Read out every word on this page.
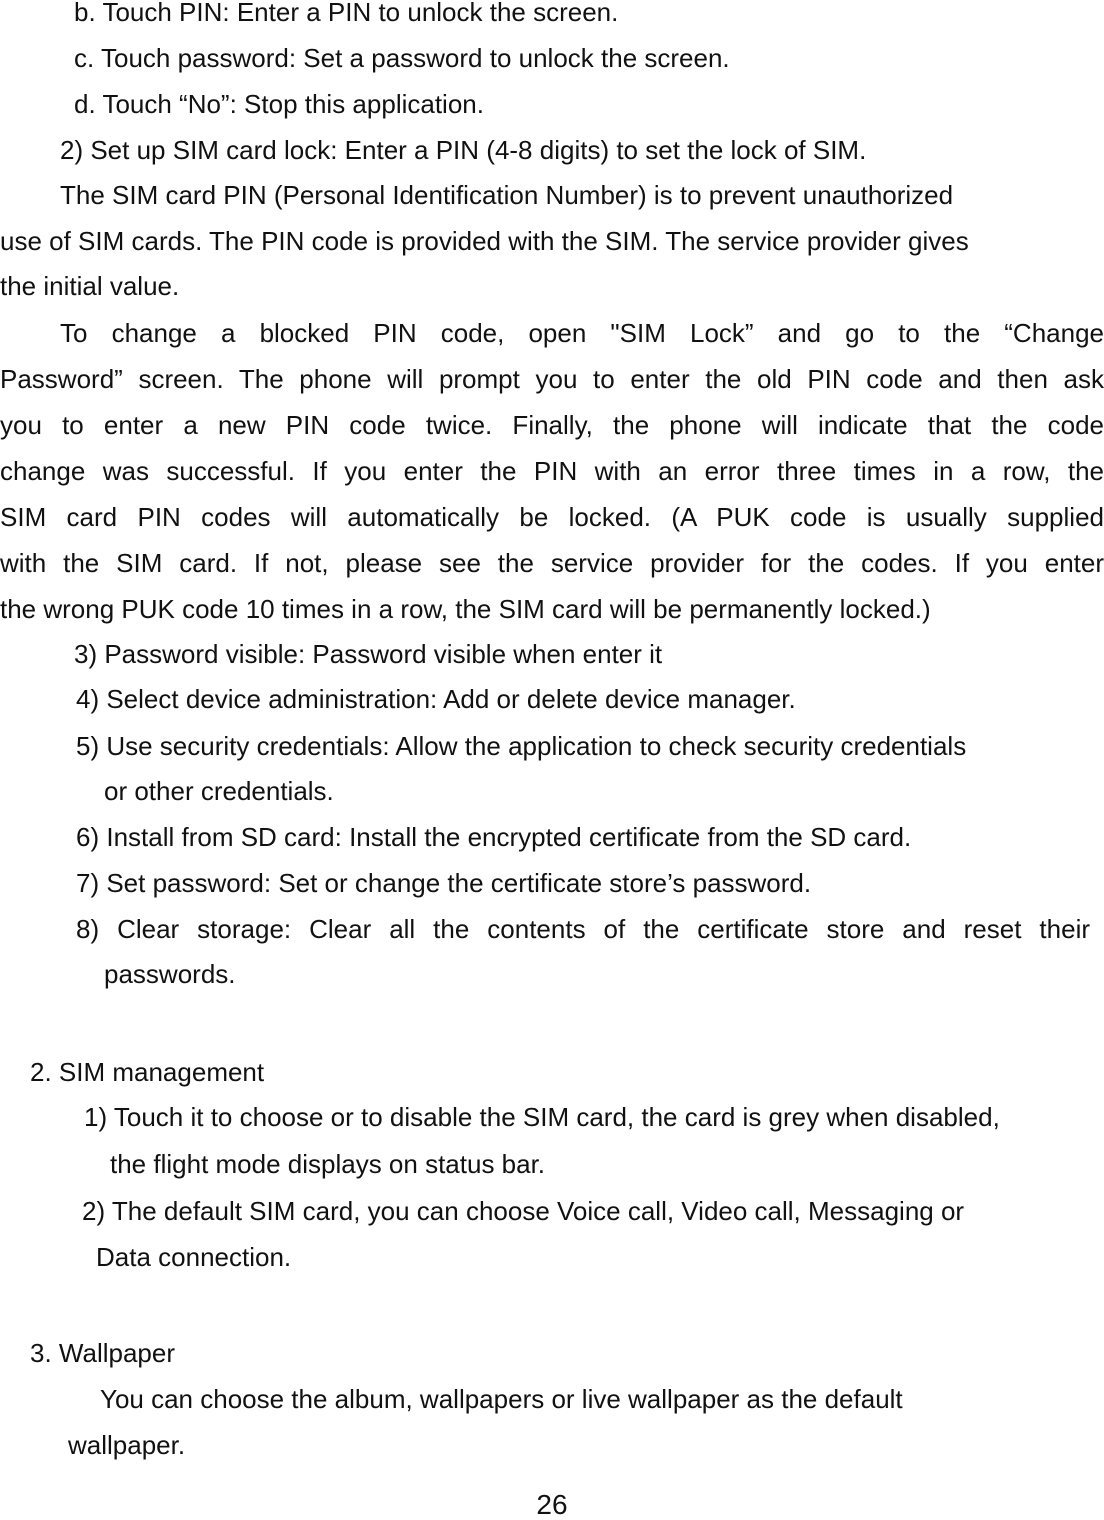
b. Touch PIN: Enter a PIN to unlock the screen.

c. Touch password: Set a password to unlock the screen.

d. Touch “No”: Stop this application.

2) Set up SIM card lock: Enter a PIN (4-8 digits) to set the lock of SIM.

The SIM card PIN (Personal Identification Number) is to prevent unauthorized

use of SIM cards. The PIN code is provided with the SIM. The service provider gives

the initial value.

To change a blocked PIN code, open "SIM Lock” and go to the “Change

Password” screen. The phone will prompt you to enter the old PIN code and then ask

you to enter a new PIN code twice. Finally, the phone will indicate that the code

change was successful. If you enter the PIN with an error three times in a row, the

SIM card PIN codes will automatically be locked. (A PUK code is usually supplied

with the SIM card. If not, please see the service provider for the codes. If you enter

the wrong PUK code 10 times in a row, the SIM card will be permanently locked.)

3) Password visible: Password visible when enter it

4) Select device administration: Add or delete device manager.

5) Use security credentials: Allow the application to check security credentials

or other credentials.

6) Install from SD card: Install the encrypted certificate from the SD card.

7) Set password: Set or change the certificate store’s password.

8) Clear storage: Clear all the contents of the certificate store and reset their

passwords.

2. SIM management

1) Touch it to choose or to disable the SIM card, the card is grey when disabled,

the flight mode displays on status bar.

2) The default SIM card, you can choose Voice call, Video call, Messaging or

Data connection.

3. Wallpaper

You can choose the album, wallpapers or live wallpaper as the default

wallpaper.

26
